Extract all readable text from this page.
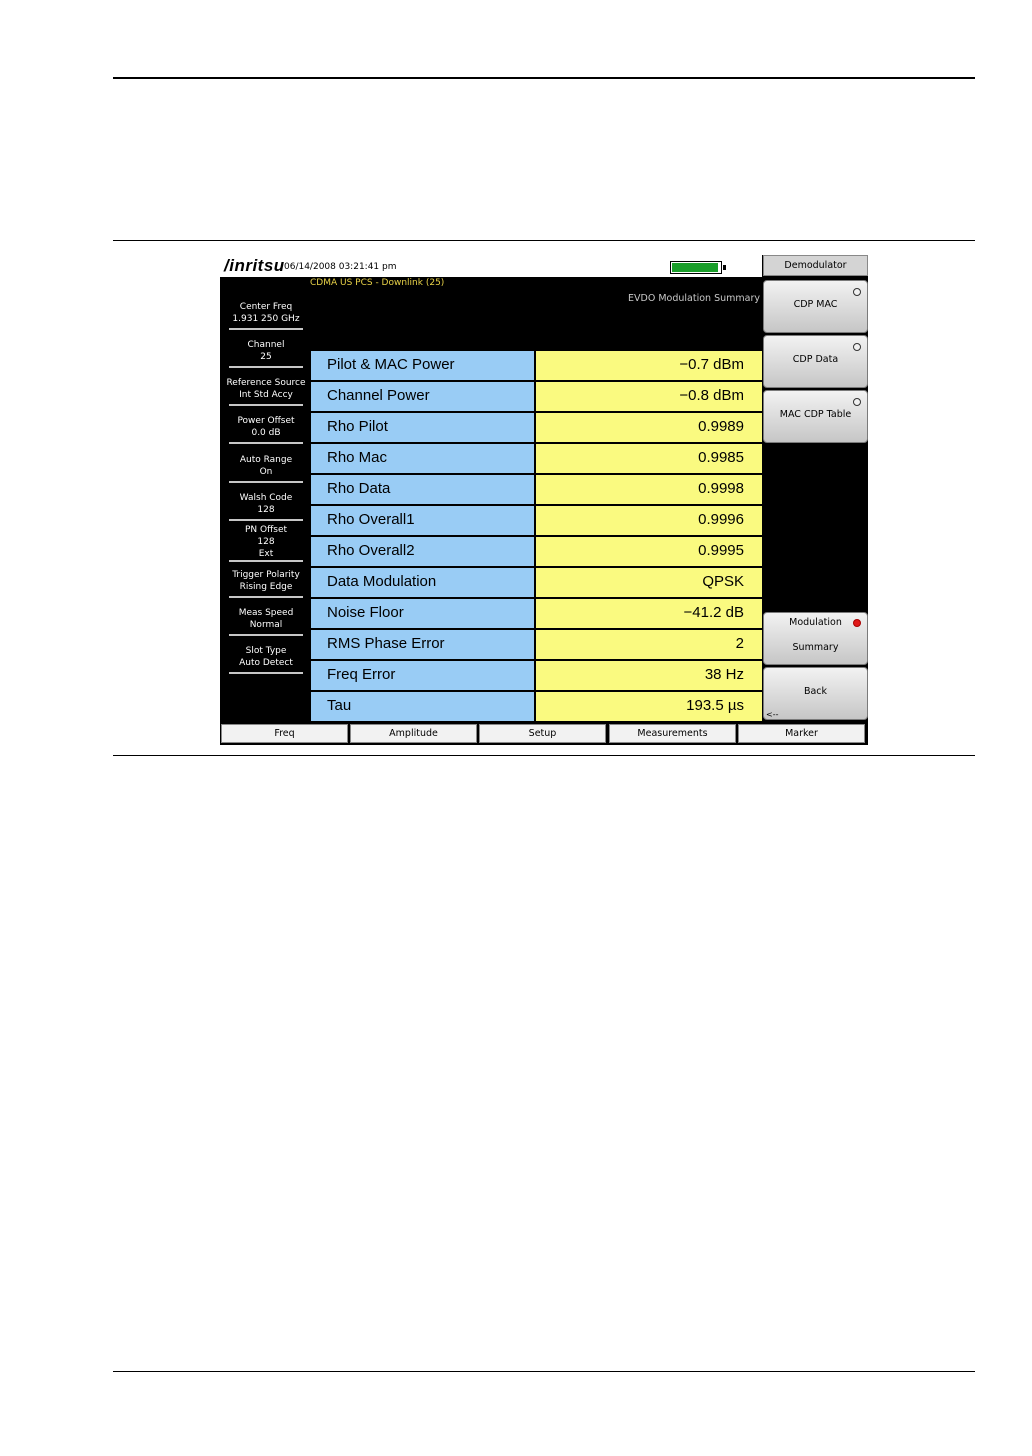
/inritsu 06/14/2008 03:21:41 pm
CDMA US PCS - Downlink (25)
EVDO Modulation Summary
Center Freq
1.931 250 GHz
Channel
25
Reference Source
Int Std Accy
Power Offset
0.0 dB
Auto Range
On
Walsh Code
128
PN Offset
128
Ext
Trigger Polarity
Rising Edge
Meas Speed
Normal
Slot Type
Auto Detect
Pilot & MAC Power	−0.7 dBm
Channel Power	−0.8 dBm
Rho Pilot	0.9989
Rho Mac	0.9985
Rho Data	0.9998
Rho Overall1	0.9996
Rho Overall2	0.9995
Data Modulation	QPSK
Noise Floor	−41.2 dB
RMS Phase Error	2
Freq Error	38 Hz
Tau	193.5 µs
Demodulator
CDP MAC
CDP Data
MAC CDP Table
Modulation
Summary
Back
<--
Freq	Amplitude	Setup	Measurements	Marker
